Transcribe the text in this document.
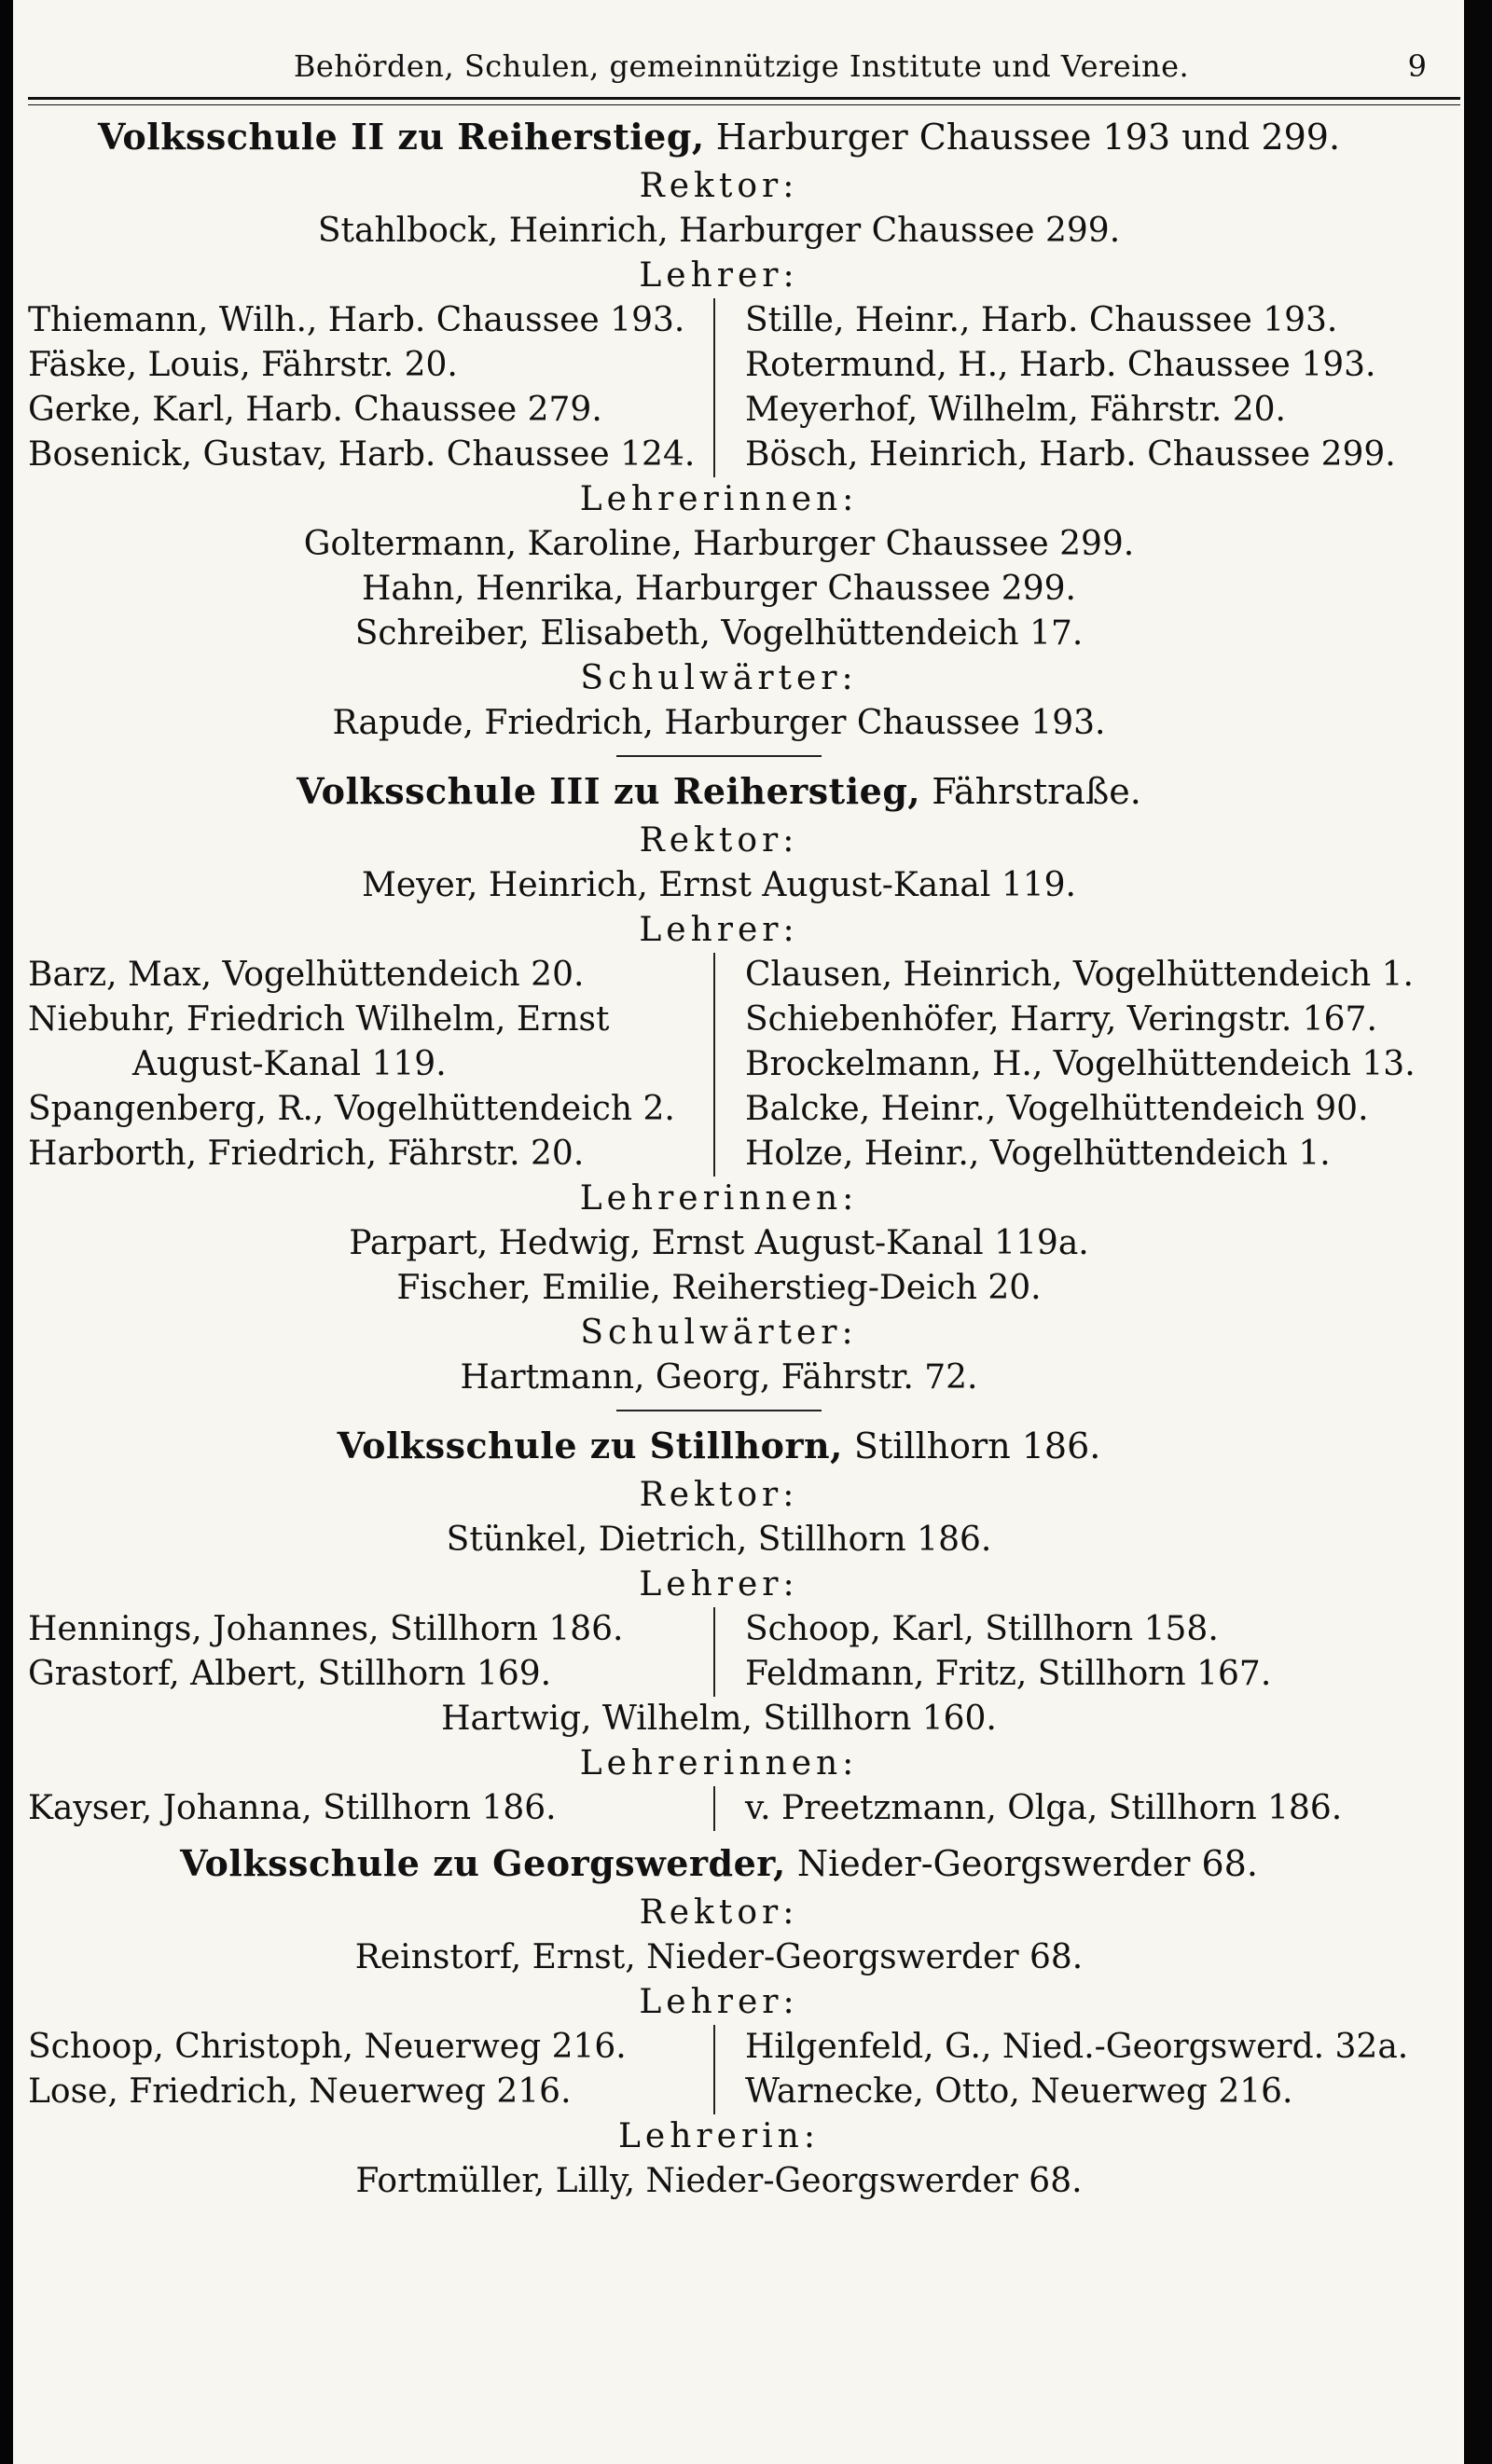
Behörden, Schulen, gemeinnützige Institute und Vereine.	9
Volksschule II zu Reiherstieg, Harburger Chaussee 193 und 299.
Rektor:
Stahlbock, Heinrich, Harburger Chaussee 299.
Lehrer:
Thiemann, Wilh., Harb. Chaussee 193.
Fäske, Louis, Fährstr. 20.
Gerke, Karl, Harb. Chaussee 279.
Bosenick, Gustav, Harb. Chaussee 124.
Stille, Heinr., Harb. Chaussee 193.
Rotermund, H., Harb. Chaussee 193.
Meyerhof, Wilhelm, Fährstr. 20.
Bösch, Heinrich, Harb. Chaussee 299.
Lehrerinnen:
Goltermann, Karoline, Harburger Chaussee 299.
Hahn, Henrika, Harburger Chaussee 299.
Schreiber, Elisabeth, Vogelhüttendeich 17.
Schulwärter:
Rapude, Friedrich, Harburger Chaussee 193.
Volksschule III zu Reiherstieg, Fährstraße.
Rektor:
Meyer, Heinrich, Ernst August-Kanal 119.
Lehrer:
Barz, Max, Vogelhüttendeich 20.
Niebuhr, Friedrich Wilhelm, Ernst
August-Kanal 119.
Spangenberg, R., Vogelhüttendeich 2.
Harborth, Friedrich, Fährstr. 20.
Clausen, Heinrich, Vogelhüttendeich 1.
Schiebenhöfer, Harry, Veringstr. 167.
Brockelmann, H., Vogelhüttendeich 13.
Balcke, Heinr., Vogelhüttendeich 90.
Holze, Heinr., Vogelhüttendeich 1.
Lehrerinnen:
Parpart, Hedwig, Ernst August-Kanal 119a.
Fischer, Emilie, Reiherstieg-Deich 20.
Schulwärter:
Hartmann, Georg, Fährstr. 72.
Volksschule zu Stillhorn, Stillhorn 186.
Rektor:
Stünkel, Dietrich, Stillhorn 186.
Lehrer:
Hennings, Johannes, Stillhorn 186.
Grastorf, Albert, Stillhorn 169.
Schoop, Karl, Stillhorn 158.
Feldmann, Fritz, Stillhorn 167.
Hartwig, Wilhelm, Stillhorn 160.
Lehrerinnen:
Kayser, Johanna, Stillhorn 186.	v. Preetzmann, Olga, Stillhorn 186.
Volksschule zu Georgswerder, Nieder-Georgswerder 68.
Rektor:
Reinstorf, Ernst, Nieder-Georgswerder 68.
Lehrer:
Schoop, Christoph, Neuerweg 216.
Lose, Friedrich, Neuerweg 216.
Hilgenfeld, G., Nied.-Georgswerd. 32a.
Warnecke, Otto, Neuerweg 216.
Lehrerin:
Fortmüller, Lilly, Nieder-Georgswerder 68.
